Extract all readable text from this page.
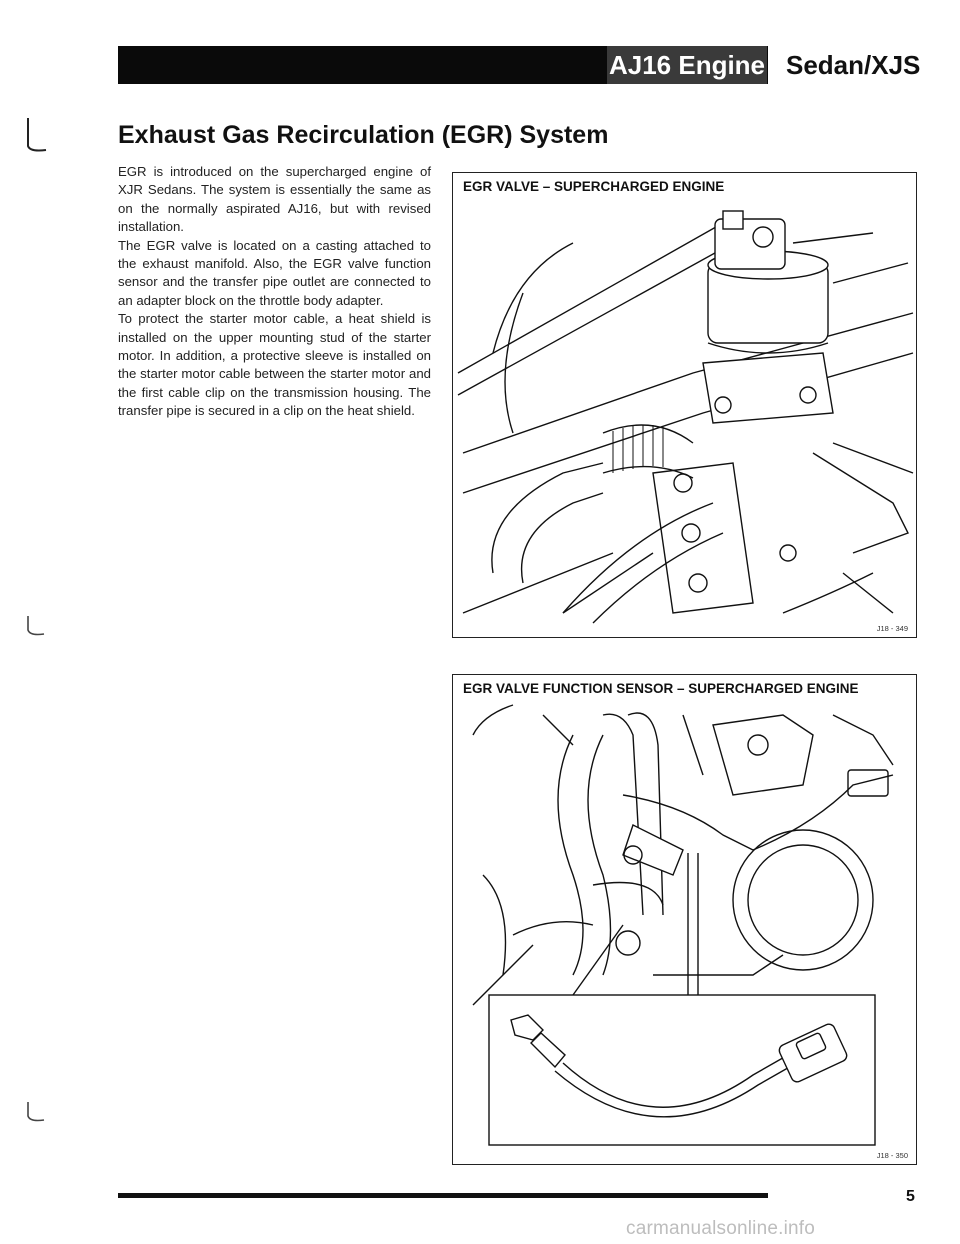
AJ16 Engine Sedan/XJS
Exhaust Gas Recirculation (EGR) System

EGR is introduced on the supercharged engine of XJR Sedans. The system is essentially the same as on the normally aspirated AJ16, but with revised installation.

The EGR valve is located on a casting attached to the exhaust manifold. Also, the EGR valve function sensor and the transfer pipe outlet are connected to an adapter block on the throttle body adapter.

To protect the starter motor cable, a heat shield is installed on the upper mounting stud of the starter motor. In addition, a protective sleeve is installed on the starter motor cable between the starter motor and the first cable clip on the transmission housing. The transfer pipe is secured in a clip on the heat shield.

EGR VALVE – SUPERCHARGED ENGINE
J18 - 349
EGR VALVE FUNCTION SENSOR – SUPERCHARGED ENGINE
J18 - 350
5
carmanualsonline.info
